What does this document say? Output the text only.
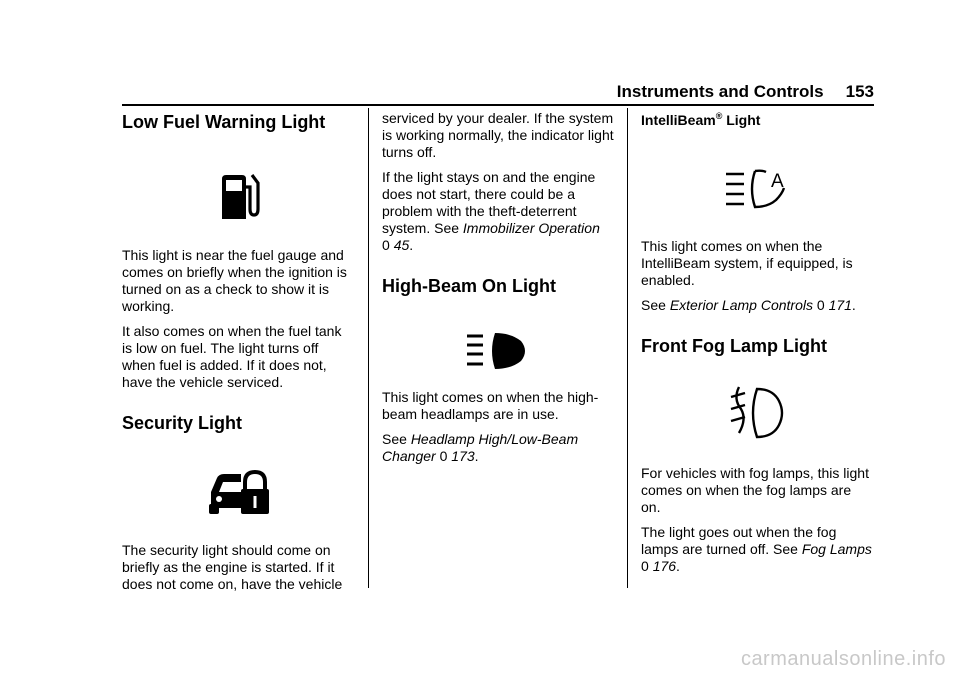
Instruments and Controls 153
Low Fuel Warning Light

This light is near the fuel gauge and comes on briefly when the ignition is turned on as a check to show it is working.

It also comes on when the fuel tank is low on fuel. The light turns off when fuel is added. If it does not, have the vehicle serviced.

Security Light

The security light should come on briefly as the engine is started. If it does not come on, have the vehicle

serviced by your dealer. If the system is working normally, the indicator light turns off.

If the light stays on and the engine does not start, there could be a problem with the theft-deterrent system. See Immobilizer Operation
0 45.

High-Beam On Light

This light comes on when the high-beam headlamps are in use.

See Headlamp High/Low-Beam Changer 0 173.

IntelliBeam® Light
A

This light comes on when the IntelliBeam system, if equipped, is enabled.

See Exterior Lamp Controls 0 171.

Front Fog Lamp Light

For vehicles with fog lamps, this light comes on when the fog lamps are on.

The light goes out when the fog lamps are turned off. See Fog Lamps 0 176.

carmanualsonline.info
